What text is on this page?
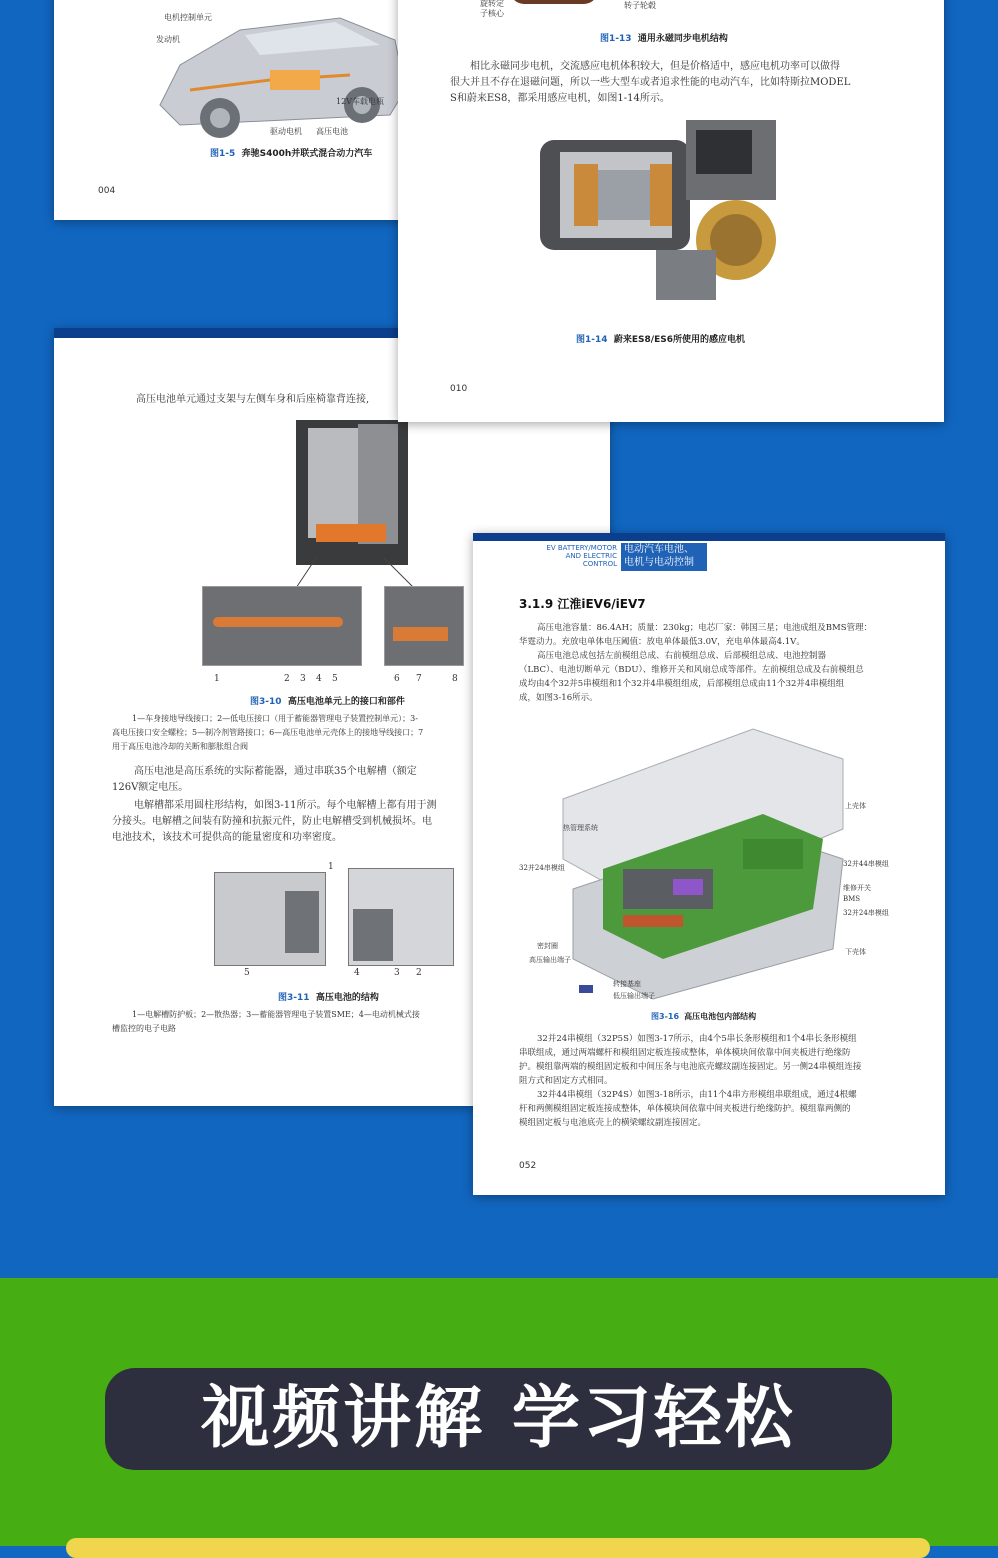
电机控制单元
发动机
12V车载电瓶
驱动电机 高压电池
图1-5 奔驰S400h并联式混合动力汽车
004
高压电池单元通过支架与左侧车身和后座椅靠背连接,
1	2 3 4 5	6 7	8
图3-10 高压电池单元上的接口和部件
1—车身接地导线接口；2—低电压接口（用于蓄能器管理电子装置控制单元）；3-
高电压接口安全螺栓；5—制冷剂管路接口；6—高压电池单元壳体上的接地导线接口；7
用于高压电池冷却的关断和膨胀组合阀
高压电池是高压系统的实际蓄能器，通过串联35个电解槽（额定
126V额定电压。
电解槽都采用圆柱形结构，如图3-11所示。每个电解槽上都有用于测
分接头。电解槽之间装有防撞和抗振元件，防止电解槽受到机械损坏。电
电池技术，该技术可提供高的能量密度和功率密度。
1
5	4	3 2
图3-11 高压电池的结构
1—电解槽防护板；2—散热器；3—蓄能器管理电子装置SME；4—电动机械式接
槽监控的电子电路
旋转定
子核心
转子轮毂
图1-13 通用永磁同步电机结构
相比永磁同步电机，交流感应电机体积较大，但是价格适中，感应电机功率可以做得
很大并且不存在退磁问题，所以一些大型车或者追求性能的电动汽车，比如特斯拉MODEL
S和蔚来ES8，都采用感应电机，如图1-14所示。
图1-14 蔚来ES8/ES6所使用的感应电机
010
EV BATTERY/MOTOR
AND ELECTRIC
CONTROL
电动汽车电池、
电机与电动控制
3.1.9 江淮iEV6/iEV7
高压电池容量：86.4AH；质量：230kg；电芯厂家：韩国三星；电池成组及BMS管理：
华霆动力。充放电单体电压阈值：放电单体最低3.0V，充电单体最高4.1V。
高压电池总成包括左前模组总成、右前模组总成、后部模组总成、电池控制器
（LBC）、电池切断单元（BDU）、维修开关和风扇总成等部件。左前模组总成及右前模组总
成均由4个32并5串模组和1个32并4串模组组成，后部模组总成由11个32并4串模组组
成，如图3-16所示。
上壳体
热管理系统
32并24串模组	32并44串模组
维修开关
BMS
32并24串模组
下壳体
密封圈
高压输出端子
转接基座
低压输出端子
图3-16 高压电池包内部结构
32并24串模组（32P5S）如图3-17所示，由4个5串长条形模组和1个4串长条形模组
串联组成，通过两端螺杆和模组固定板连接成整体，单体模块间依靠中间夹板进行绝缘防
护。模组靠两端的模组固定板和中间压条与电池底壳螺纹副连接固定。另一侧24串模组连接
阻方式和固定方式相同。
32并44串模组（32P4S）如图3-18所示，由11个4串方形模组串联组成，通过4根螺
杆和两侧模组固定板连接成整体，单体模块间依靠中间夹板进行绝缘防护。模组靠两侧的
模组固定板与电池底壳上的横梁螺纹副连接固定。
052
视频讲解 学习轻松
